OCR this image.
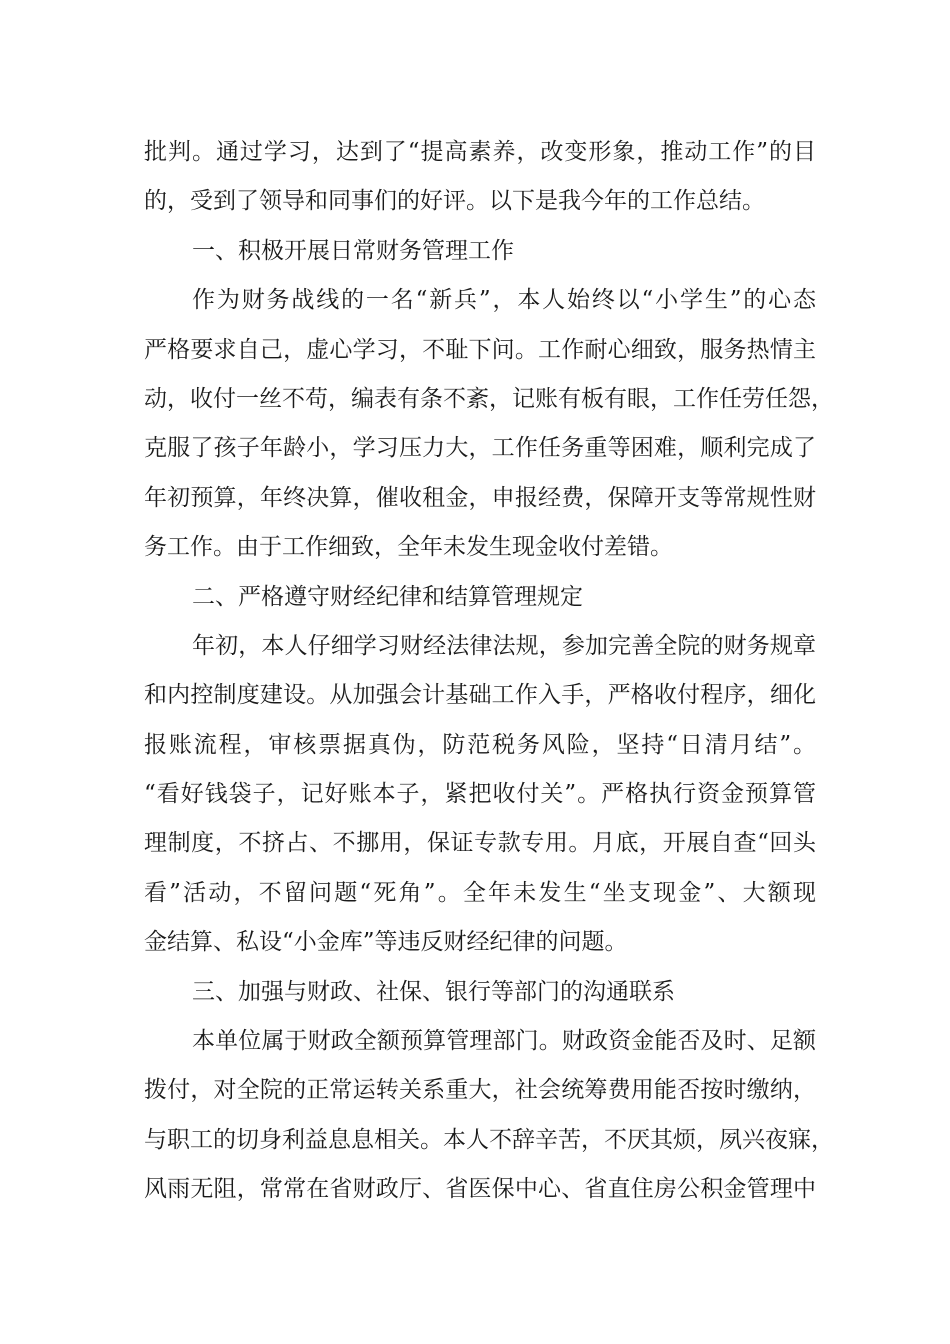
批判。通过学习，达到了“提高素养，改变形象，推动工作”的目
的，受到了领导和同事们的好评。以下是我今年的工作总结。
一、积极开展日常财务管理工作
作为财务战线的一名“新兵”，本人始终以“小学生”的心态
严格要求自己，虚心学习，不耻下问。工作耐心细致，服务热情主
动，收付一丝不苟，编表有条不紊，记账有板有眼，工作任劳任怨，
克服了孩子年龄小，学习压力大，工作任务重等困难，顺利完成了
年初预算，年终决算，催收租金，申报经费，保障开支等常规性财
务工作。由于工作细致，全年未发生现金收付差错。
二、严格遵守财经纪律和结算管理规定
年初，本人仔细学习财经法律法规，参加完善全院的财务规章
和内控制度建设。从加强会计基础工作入手，严格收付程序，细化
报账流程，审核票据真伪，防范税务风险，坚持“日清月结”。
“看好钱袋子，记好账本子，紧把收付关”。严格执行资金预算管
理制度，不挤占、不挪用，保证专款专用。月底，开展自查“回头
看”活动，不留问题“死角”。全年未发生“坐支现金”、大额现
金结算、私设“小金库”等违反财经纪律的问题。
三、加强与财政、社保、银行等部门的沟通联系
本单位属于财政全额预算管理部门。财政资金能否及时、足额
拨付，对全院的正常运转关系重大，社会统筹费用能否按时缴纳，
与职工的切身利益息息相关。本人不辞辛苦，不厌其烦，夙兴夜寐，
风雨无阻，常常在省财政厅、省医保中心、省直住房公积金管理中
